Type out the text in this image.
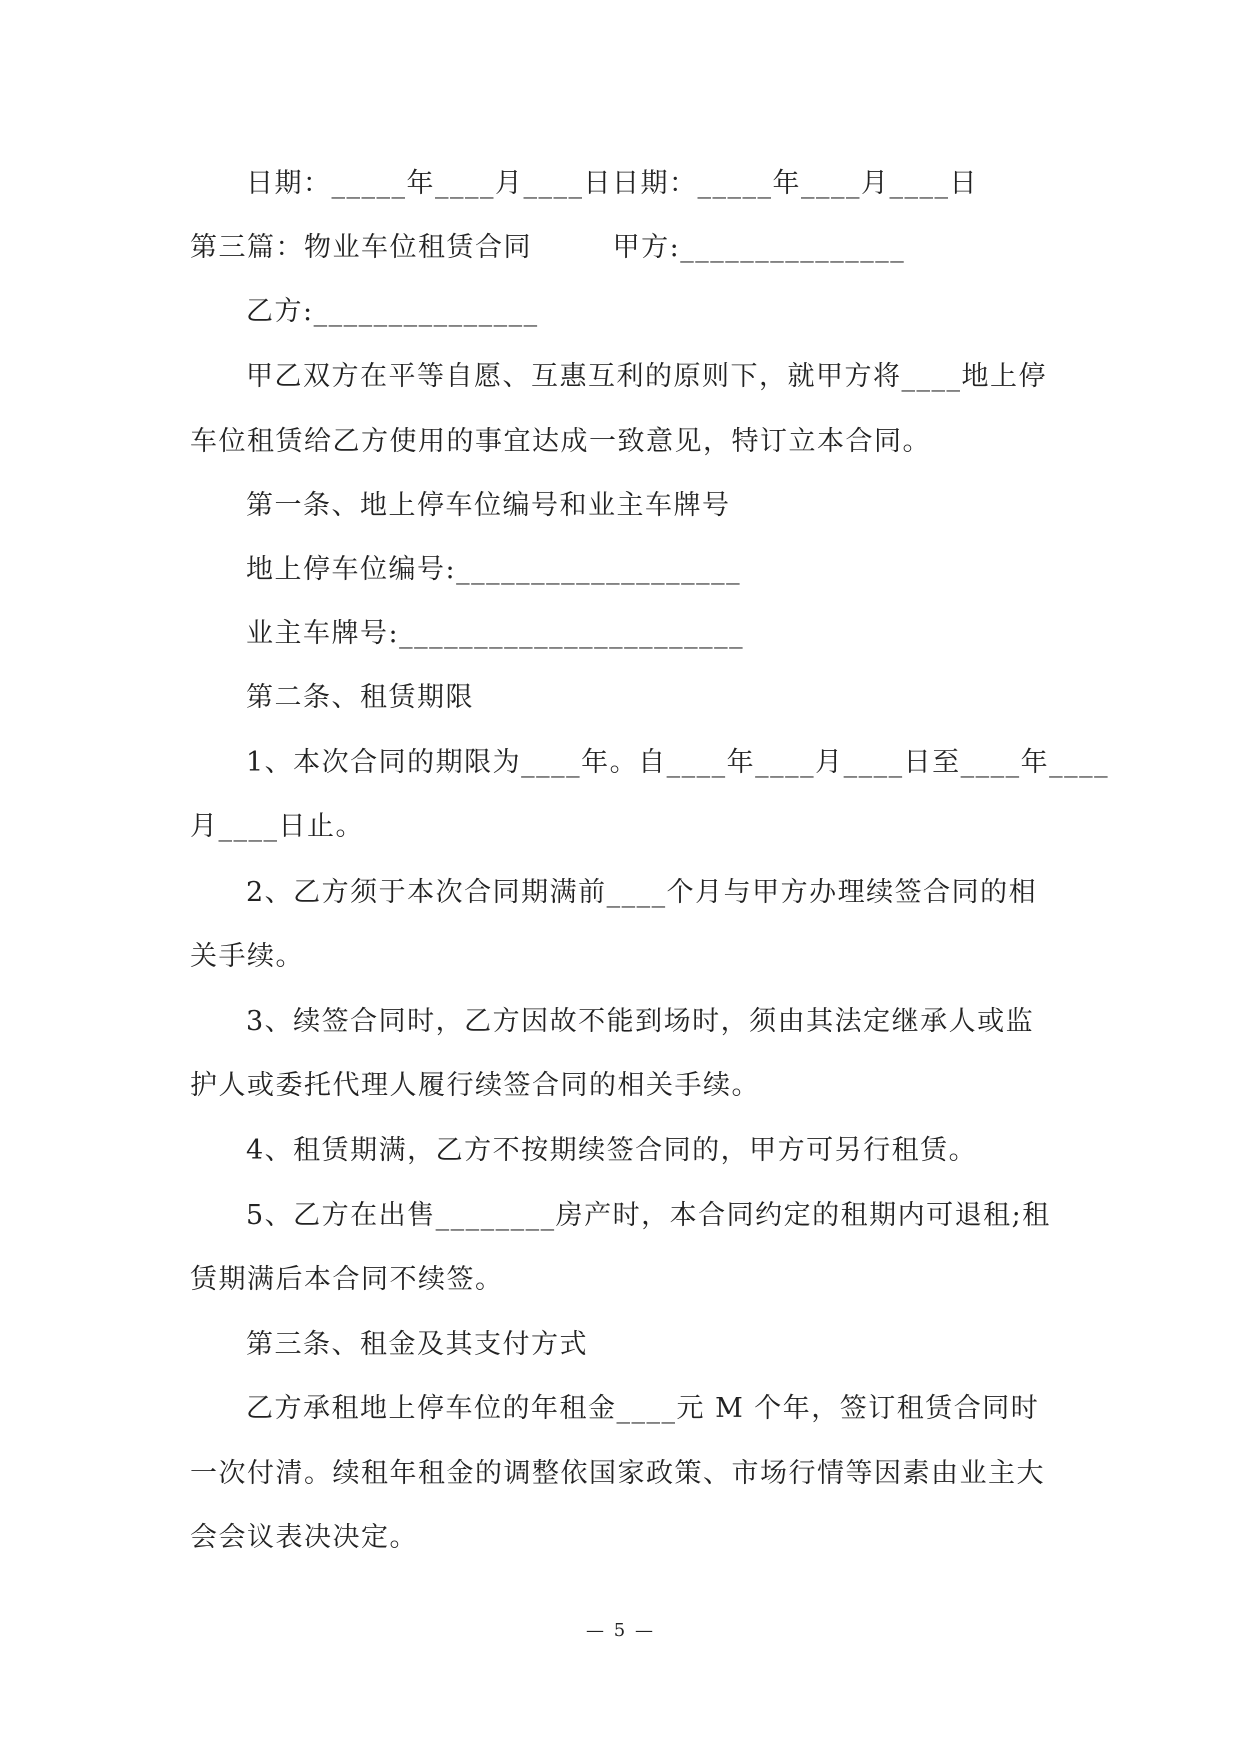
日期：_____年____月____日日期：_____年____月____日
第三篇：物业车位租赁合同        甲方:_______________
乙方:_______________
甲乙双方在平等自愿、互惠互利的原则下，就甲方将____地上停
车位租赁给乙方使用的事宜达成一致意见，特订立本合同。
第一条、地上停车位编号和业主车牌号
地上停车位编号:___________________
业主车牌号:_______________________
第二条、租赁期限
1、本次合同的期限为____年。自____年____月____日至____年____
月____日止。
2、乙方须于本次合同期满前____个月与甲方办理续签合同的相
关手续。
3、续签合同时，乙方因故不能到场时，须由其法定继承人或监
护人或委托代理人履行续签合同的相关手续。
4、租赁期满，乙方不按期续签合同的，甲方可另行租赁。
5、乙方在出售________房产时，本合同约定的租期内可退租;租
赁期满后本合同不续签。
第三条、租金及其支付方式
乙方承租地上停车位的年租金____元 M 个年，签订租赁合同时
一次付清。续租年租金的调整依国家政策、市场行情等因素由业主大
会会议表决决定。
— 5 —
